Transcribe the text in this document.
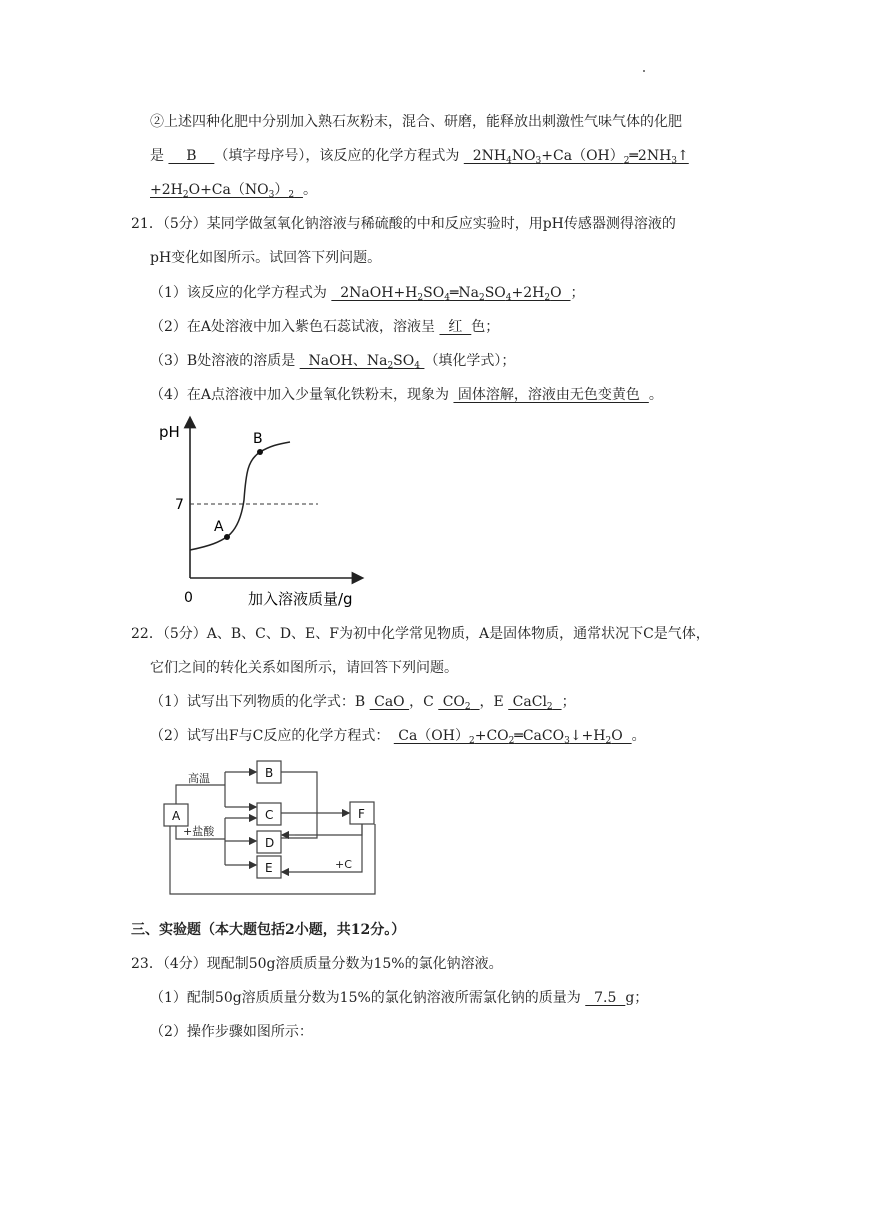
②上述四种化肥中分别加入熟石灰粉末，混合、研磨，能释放出刺激性气味气体的化肥
是     B    （填字母序号），该反应的化学方程式为   $2NH_4NO_3+Ca(OH)_2═2NH_3↑$
$+2H_2O+Ca(NO_3)_2$ 。
21．（5分）某同学做氢氧化钠溶液与稀硫酸的中和反应实验时，用pH传感器测得溶液的
pH变化如图所示。试回答下列问题。
（1）该反应的化学方程式为   $2NaOH+H_2SO_4═Na_2SO_4+2H_2O$  ；
（2）在A处溶液中加入紫色石蕊试液，溶液呈   红  色；
（3）B处溶液的溶质是   NaOH、$Na_2SO_4$ （填化学式）；
（4）在A点溶液中加入少量氧化铁粉末，现象为  固体溶解，溶液由无色变黄色  。
pH
7
0
A
B
加入溶液质量/g
22．（5分）A、B、C、D、E、F为初中化学常见物质，A是固体物质，通常状况下C是气体，
它们之间的转化关系如图所示，请回答下列问题。
（1）试写出下列物质的化学式：B  CaO ，C  $CO_2$ ，E  CaCl$_2$ ；
（2）试写出F与C反应的化学方程式：  $Ca(OH)_2+CO_2═CaCO_3↓+H_2O$  。
高温
+盐酸
+C
A
B
C
D
E
F
三、实验题（本大题包括2小题，共12分。）
23．（4分）现配制50g溶质质量分数为15%的氯化钠溶液。
（1）配制50g溶质质量分数为15%的氯化钠溶液所需氯化钠的质量为   7.5  g；
（2）操作步骤如图所示：
